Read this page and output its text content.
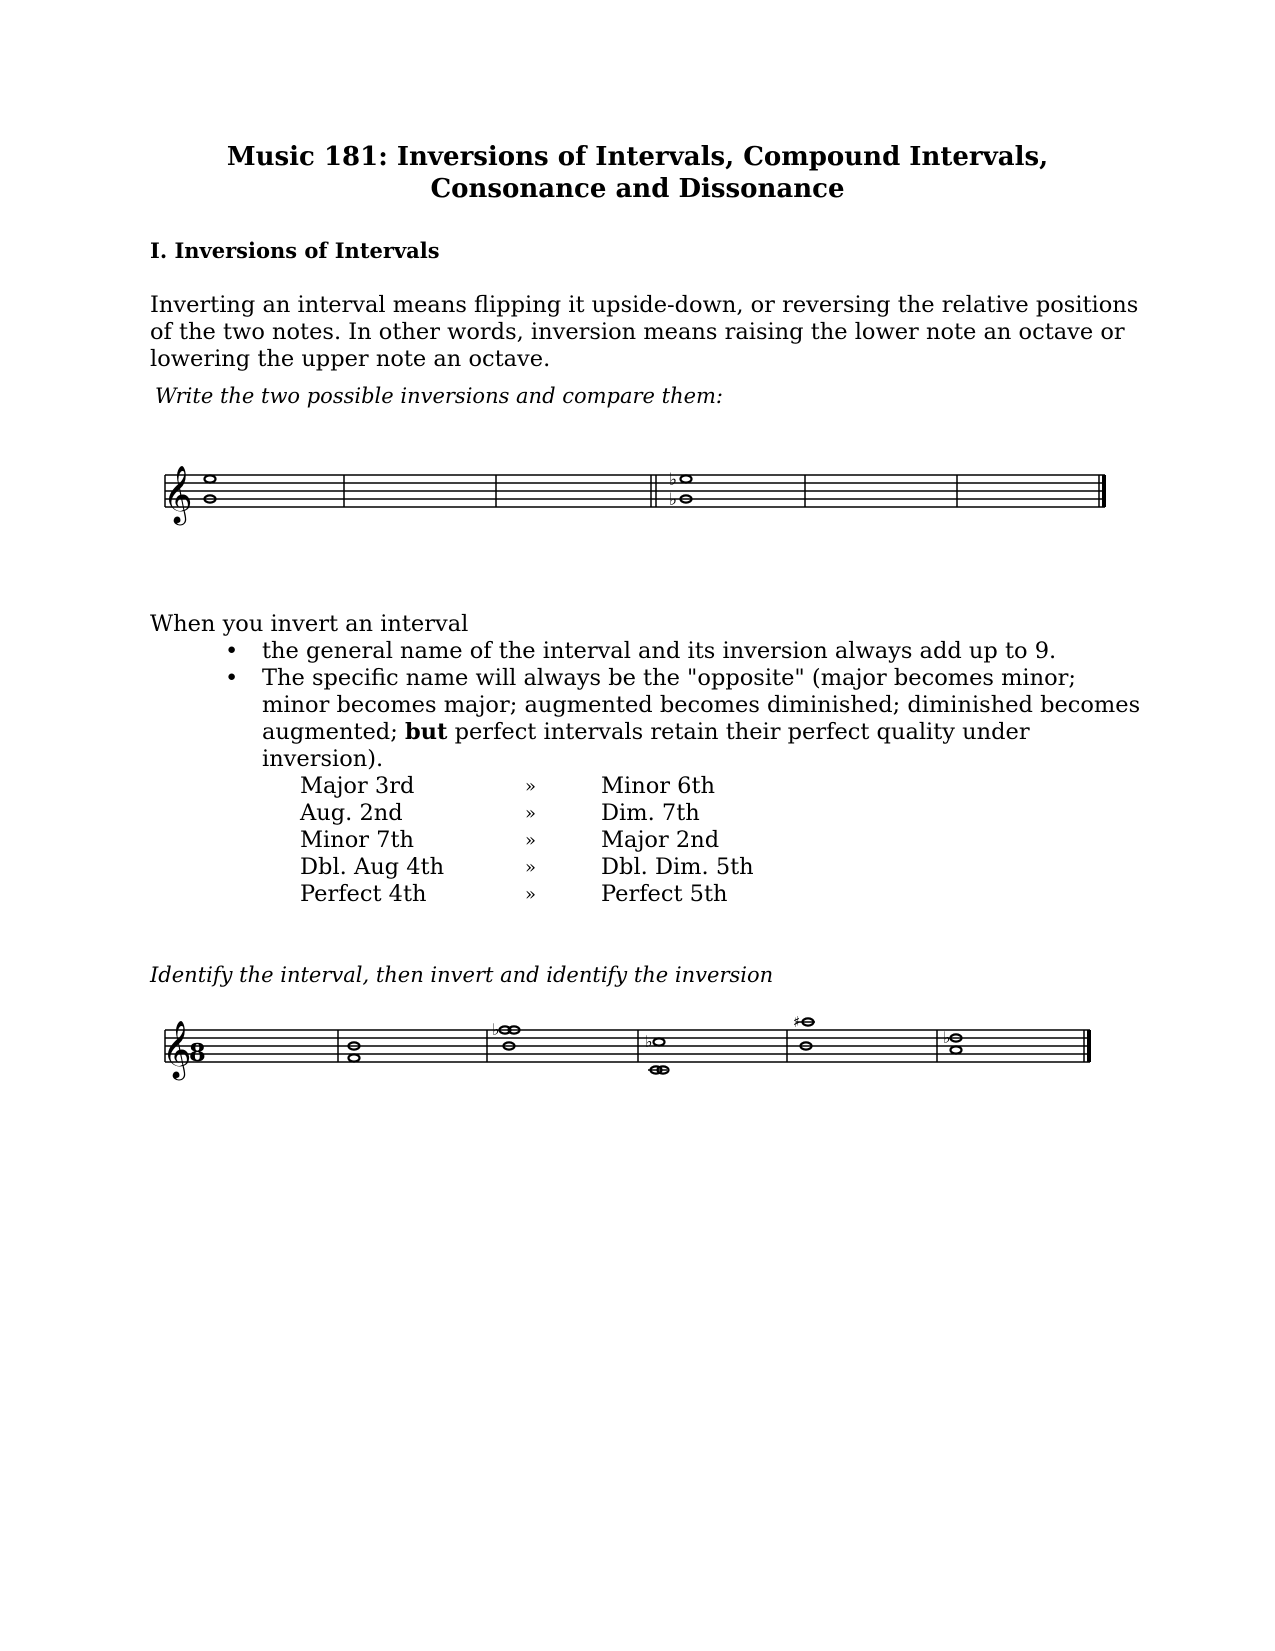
Music 181: Inversions of Intervals, Compound Intervals,
Consonance and Dissonance
I. Inversions of Intervals
Inverting an interval means flipping it upside-down, or reversing the relative positions of the two notes. In other words, inversion means raising the lower note an octave or lowering the upper note an octave.
Write the two possible inversions and compare them:
𝄞	♭
♭
When you invert an interval
• the general name of the interval and its inversion always add up to 9.
• The specific name will always be the "opposite" (major becomes minor; minor becomes major; augmented becomes diminished; diminished becomes augmented; but perfect intervals retain their perfect quality under inversion).
Major 3rd	»	Minor 6th
Aug. 2nd	»	Dim. 7th
Minor 7th	»	Major 2nd
Dbl. Aug 4th	»	Dbl. Dim. 5th
Perfect 4th	»	Perfect 5th
Identify the interval, then invert and identify the inversion
𝄞
8
♭
♭
♯
♭
